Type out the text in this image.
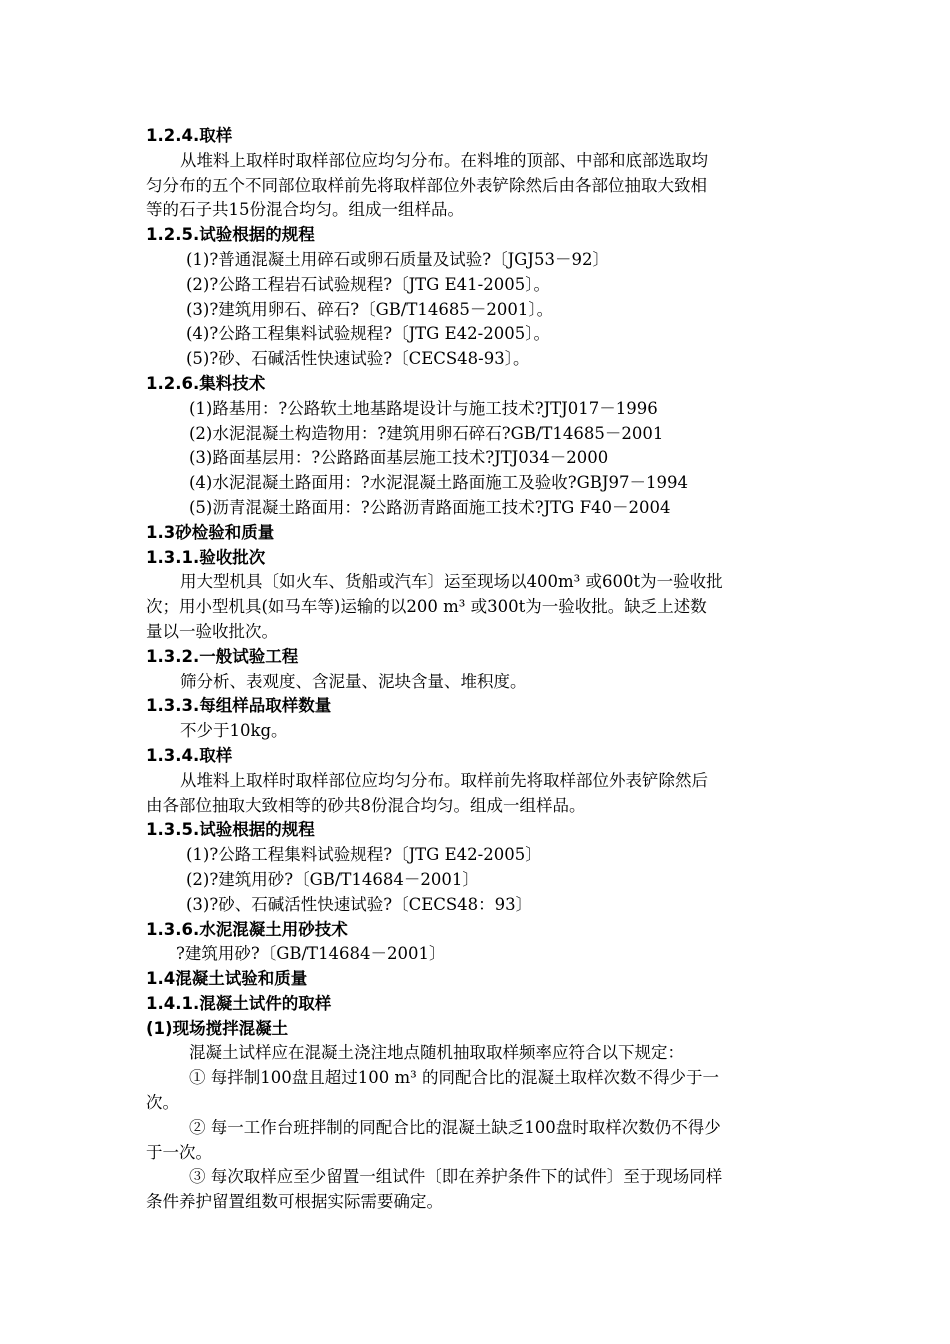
1.2.4.取样
从堆料上取样时取样部位应均匀分布。在料堆的顶部、中部和底部选取均
匀分布的五个不同部位取样前先将取样部位外表铲除然后由各部位抽取大致相
等的石子共15份混合均匀。组成一组样品。
1.2.5.试验根据的规程
(1)?普通混凝土用碎石或卵石质量及试验?〔JGJ53－92〕
(2)?公路工程岩石试验规程?〔JTG E41-2005〕。
(3)?建筑用卵石、碎石?〔GB/T14685－2001〕。
(4)?公路工程集料试验规程?〔JTG E42-2005〕。
(5)?砂、石碱活性快速试验?〔CECS48-93〕。
1.2.6.集料技术
(1)路基用：?公路软土地基路堤设计与施工技术?JTJ017－1996
(2)水泥混凝土构造物用：?建筑用卵石碎石?GB/T14685－2001
(3)路面基层用：?公路路面基层施工技术?JTJ034－2000
(4)水泥混凝土路面用：?水泥混凝土路面施工及验收?GBJ97－1994
(5)沥青混凝土路面用：?公路沥青路面施工技术?JTG F40－2004
1.3砂检验和质量
1.3.1.验收批次
用大型机具〔如火车、货船或汽车〕运至现场以400m³ 或600t为一验收批
次；用小型机具(如马车等)运输的以200 m³ 或300t为一验收批。缺乏上述数
量以一验收批次。
1.3.2.一般试验工程
筛分析、表观度、含泥量、泥块含量、堆积度。
1.3.3.每组样品取样数量
不少于10kg。
1.3.4.取样
从堆料上取样时取样部位应均匀分布。取样前先将取样部位外表铲除然后
由各部位抽取大致相等的砂共8份混合均匀。组成一组样品。
1.3.5.试验根据的规程
(1)?公路工程集料试验规程?〔JTG E42-2005〕
(2)?建筑用砂?〔GB/T14684－2001〕
(3)?砂、石碱活性快速试验?〔CECS48：93〕
1.3.6.水泥混凝土用砂技术
?建筑用砂?〔GB/T14684－2001〕
1.4混凝土试验和质量
1.4.1.混凝土试件的取样
(1)现场搅拌混凝土
混凝土试样应在混凝土浇注地点随机抽取取样频率应符合以下规定：
① 每拌制100盘且超过100 m³ 的同配合比的混凝土取样次数不得少于一
次。
② 每一工作台班拌制的同配合比的混凝土缺乏100盘时取样次数仍不得少
于一次。
③ 每次取样应至少留置一组试件〔即在养护条件下的试件〕至于现场同样
条件养护留置组数可根据实际需要确定。
